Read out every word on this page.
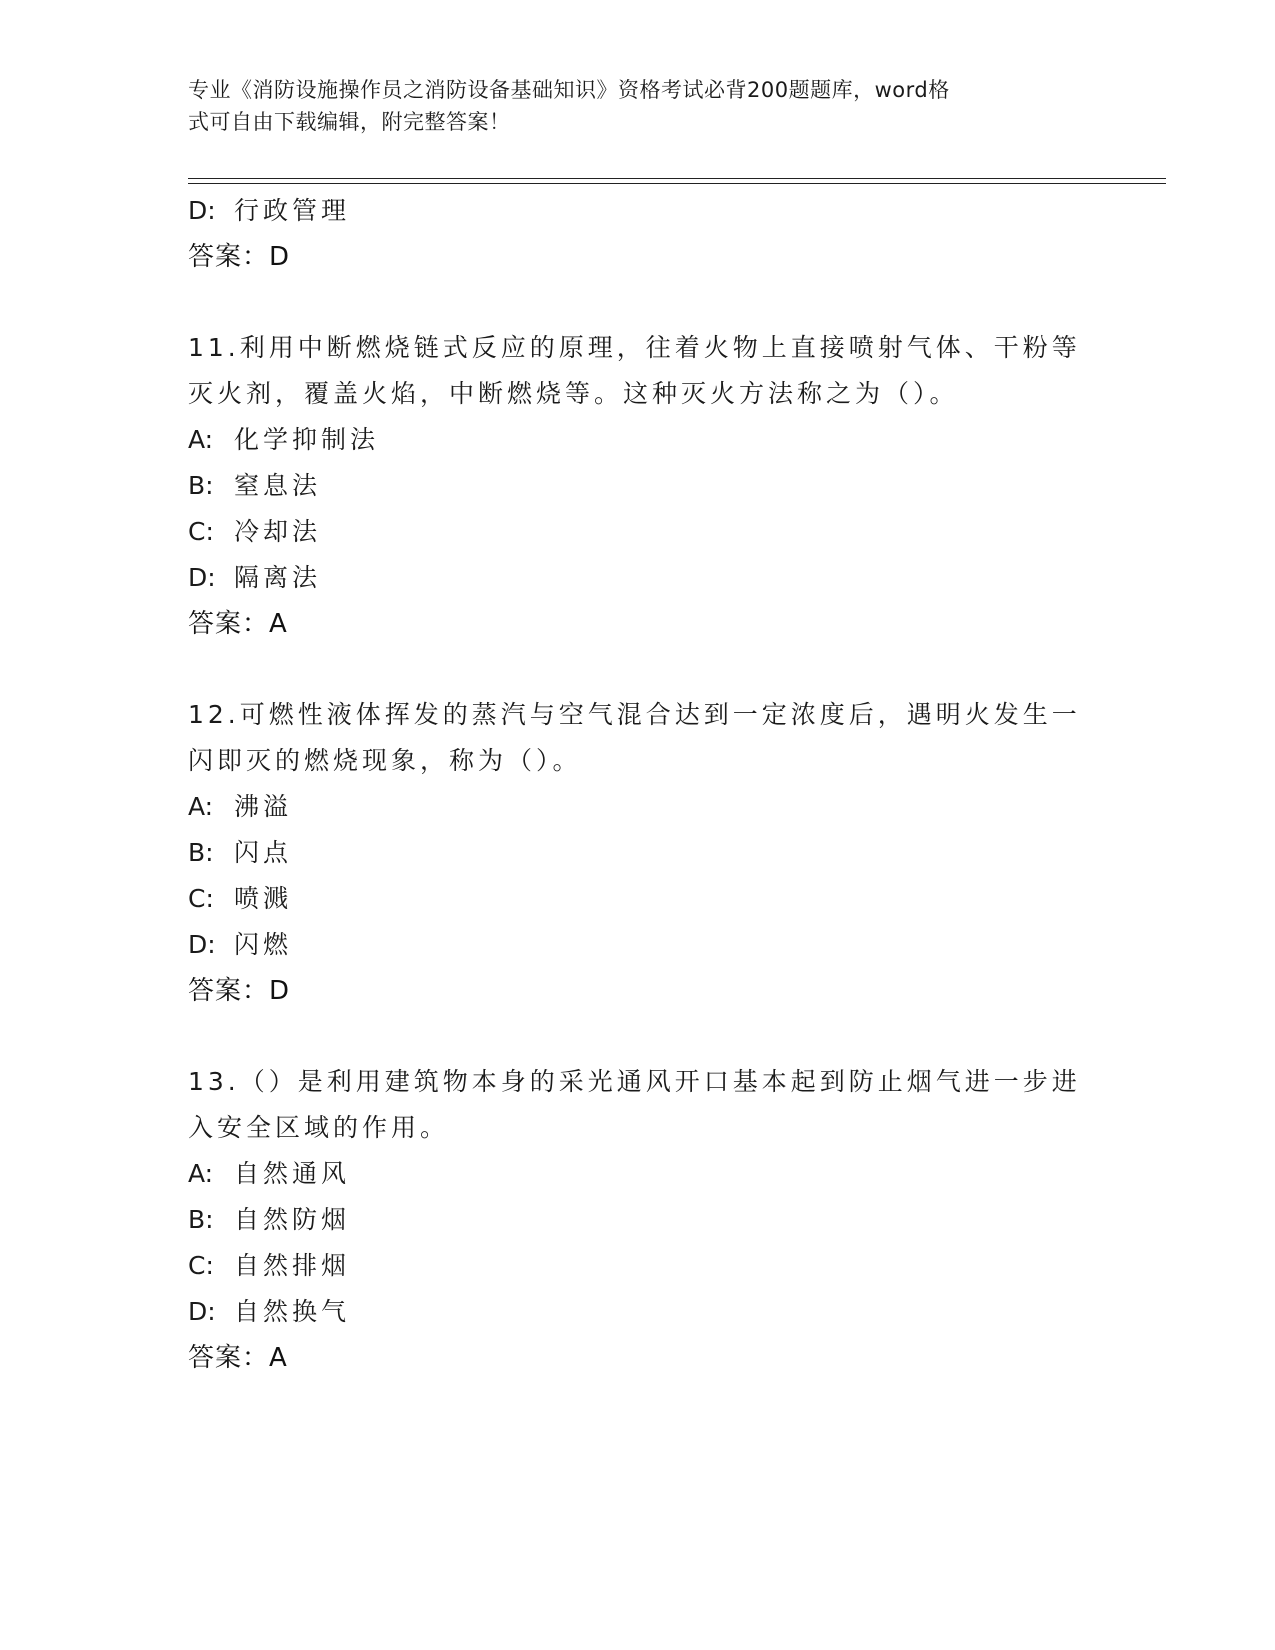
专业《消防设施操作员之消防设备基础知识》资格考试必背200题题库，word格
式可自由下载编辑，附完整答案！
D: 行政管理
答案：D
11.利用中断燃烧链式反应的原理，往着火物上直接喷射气体、干粉等
灭火剂，覆盖火焰，中断燃烧等。这种灭火方法称之为（）。
A: 化学抑制法
B: 窒息法
C: 冷却法
D: 隔离法
答案：A
12.可燃性液体挥发的蒸汽与空气混合达到一定浓度后，遇明火发生一
闪即灭的燃烧现象，称为（）。
A: 沸溢
B: 闪点
C: 喷溅
D: 闪燃
答案：D
13.（）是利用建筑物本身的采光通风开口基本起到防止烟气进一步进
入安全区域的作用。
A: 自然通风
B: 自然防烟
C: 自然排烟
D: 自然换气
答案：A
